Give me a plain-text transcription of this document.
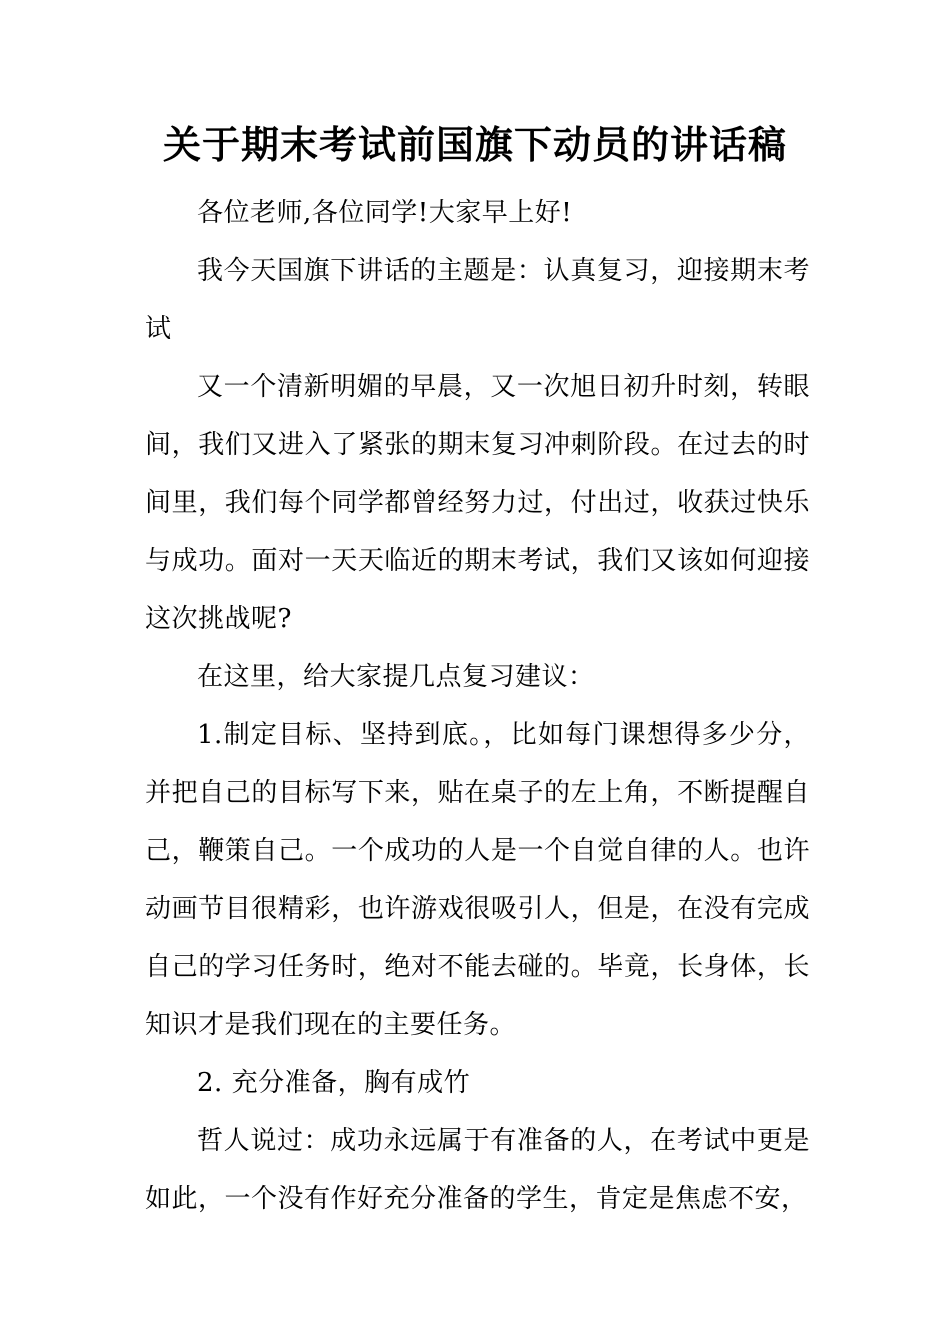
关于期末考试前国旗下动员的讲话稿

各位老师,各位同学!大家早上好!

我今天国旗下讲话的主题是：认真复习，迎接期末考试

又一个清新明媚的早晨，又一次旭日初升时刻，转眼间，我们又进入了紧张的期末复习冲刺阶段。在过去的时间里，我们每个同学都曾经努力过，付出过，收获过快乐与成功。面对一天天临近的期末考试，我们又该如何迎接这次挑战呢?

在这里，给大家提几点复习建议：

1.制定目标、坚持到底。，比如每门课想得多少分，并把自己的目标写下来，贴在桌子的左上角，不断提醒自己，鞭策自己。一个成功的人是一个自觉自律的人。也许动画节目很精彩，也许游戏很吸引人，但是，在没有完成自己的学习任务时，绝对不能去碰的。毕竟，长身体，长知识才是我们现在的主要任务。

2. 充分准备，胸有成竹

哲人说过：成功永远属于有准备的人，在考试中更是如此，一个没有作好充分准备的学生，肯定是焦虑不安，
